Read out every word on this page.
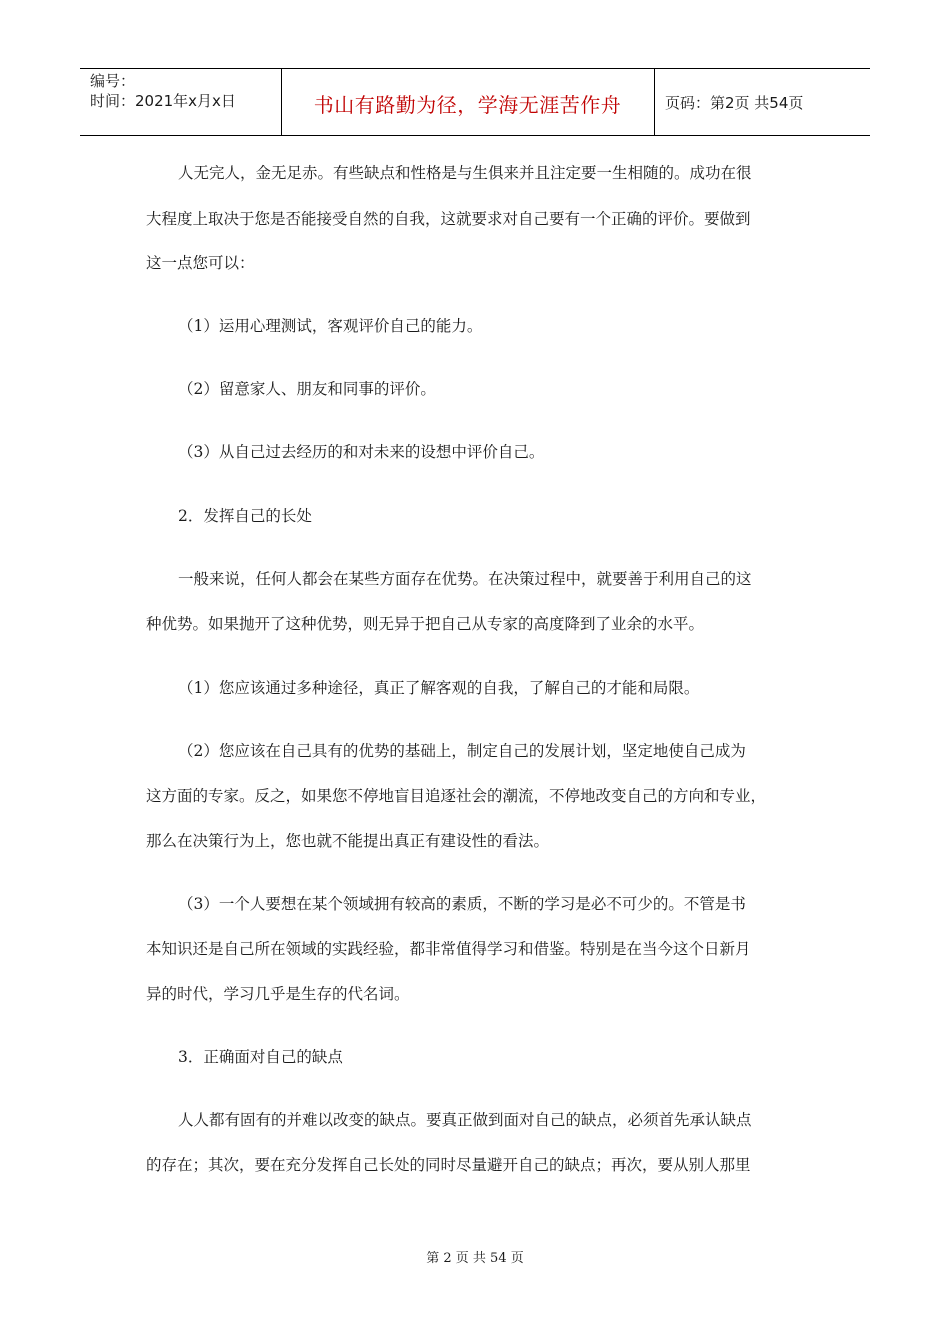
编号：
时间：2021年x月x日	书山有路勤为径，学海无涯苦作舟	页码：第2页 共54页
人无完人，金无足赤。有些缺点和性格是与生俱来并且注定要一生相随的。成功在很
大程度上取决于您是否能接受自然的自我，这就要求对自己要有一个正确的评价。要做到
这一点您可以：
（1）运用心理测试，客观评价自己的能力。
（2）留意家人、朋友和同事的评价。
（3）从自己过去经历的和对未来的设想中评价自己。
2．发挥自己的长处
一般来说，任何人都会在某些方面存在优势。在决策过程中，就要善于利用自己的这
种优势。如果抛开了这种优势，则无异于把自己从专家的高度降到了业余的水平。
（1）您应该通过多种途径，真正了解客观的自我，了解自己的才能和局限。
（2）您应该在自己具有的优势的基础上，制定自己的发展计划，坚定地使自己成为
这方面的专家。反之，如果您不停地盲目追逐社会的潮流，不停地改变自己的方向和专业，
那么在决策行为上，您也就不能提出真正有建设性的看法。
（3）一个人要想在某个领域拥有较高的素质，不断的学习是必不可少的。不管是书
本知识还是自己所在领域的实践经验，都非常值得学习和借鉴。特别是在当今这个日新月
异的时代，学习几乎是生存的代名词。
3．正确面对自己的缺点
人人都有固有的并难以改变的缺点。要真正做到面对自己的缺点，必须首先承认缺点
的存在；其次，要在充分发挥自己长处的同时尽量避开自己的缺点；再次，要从别人那里
第 2 页 共 54 页
